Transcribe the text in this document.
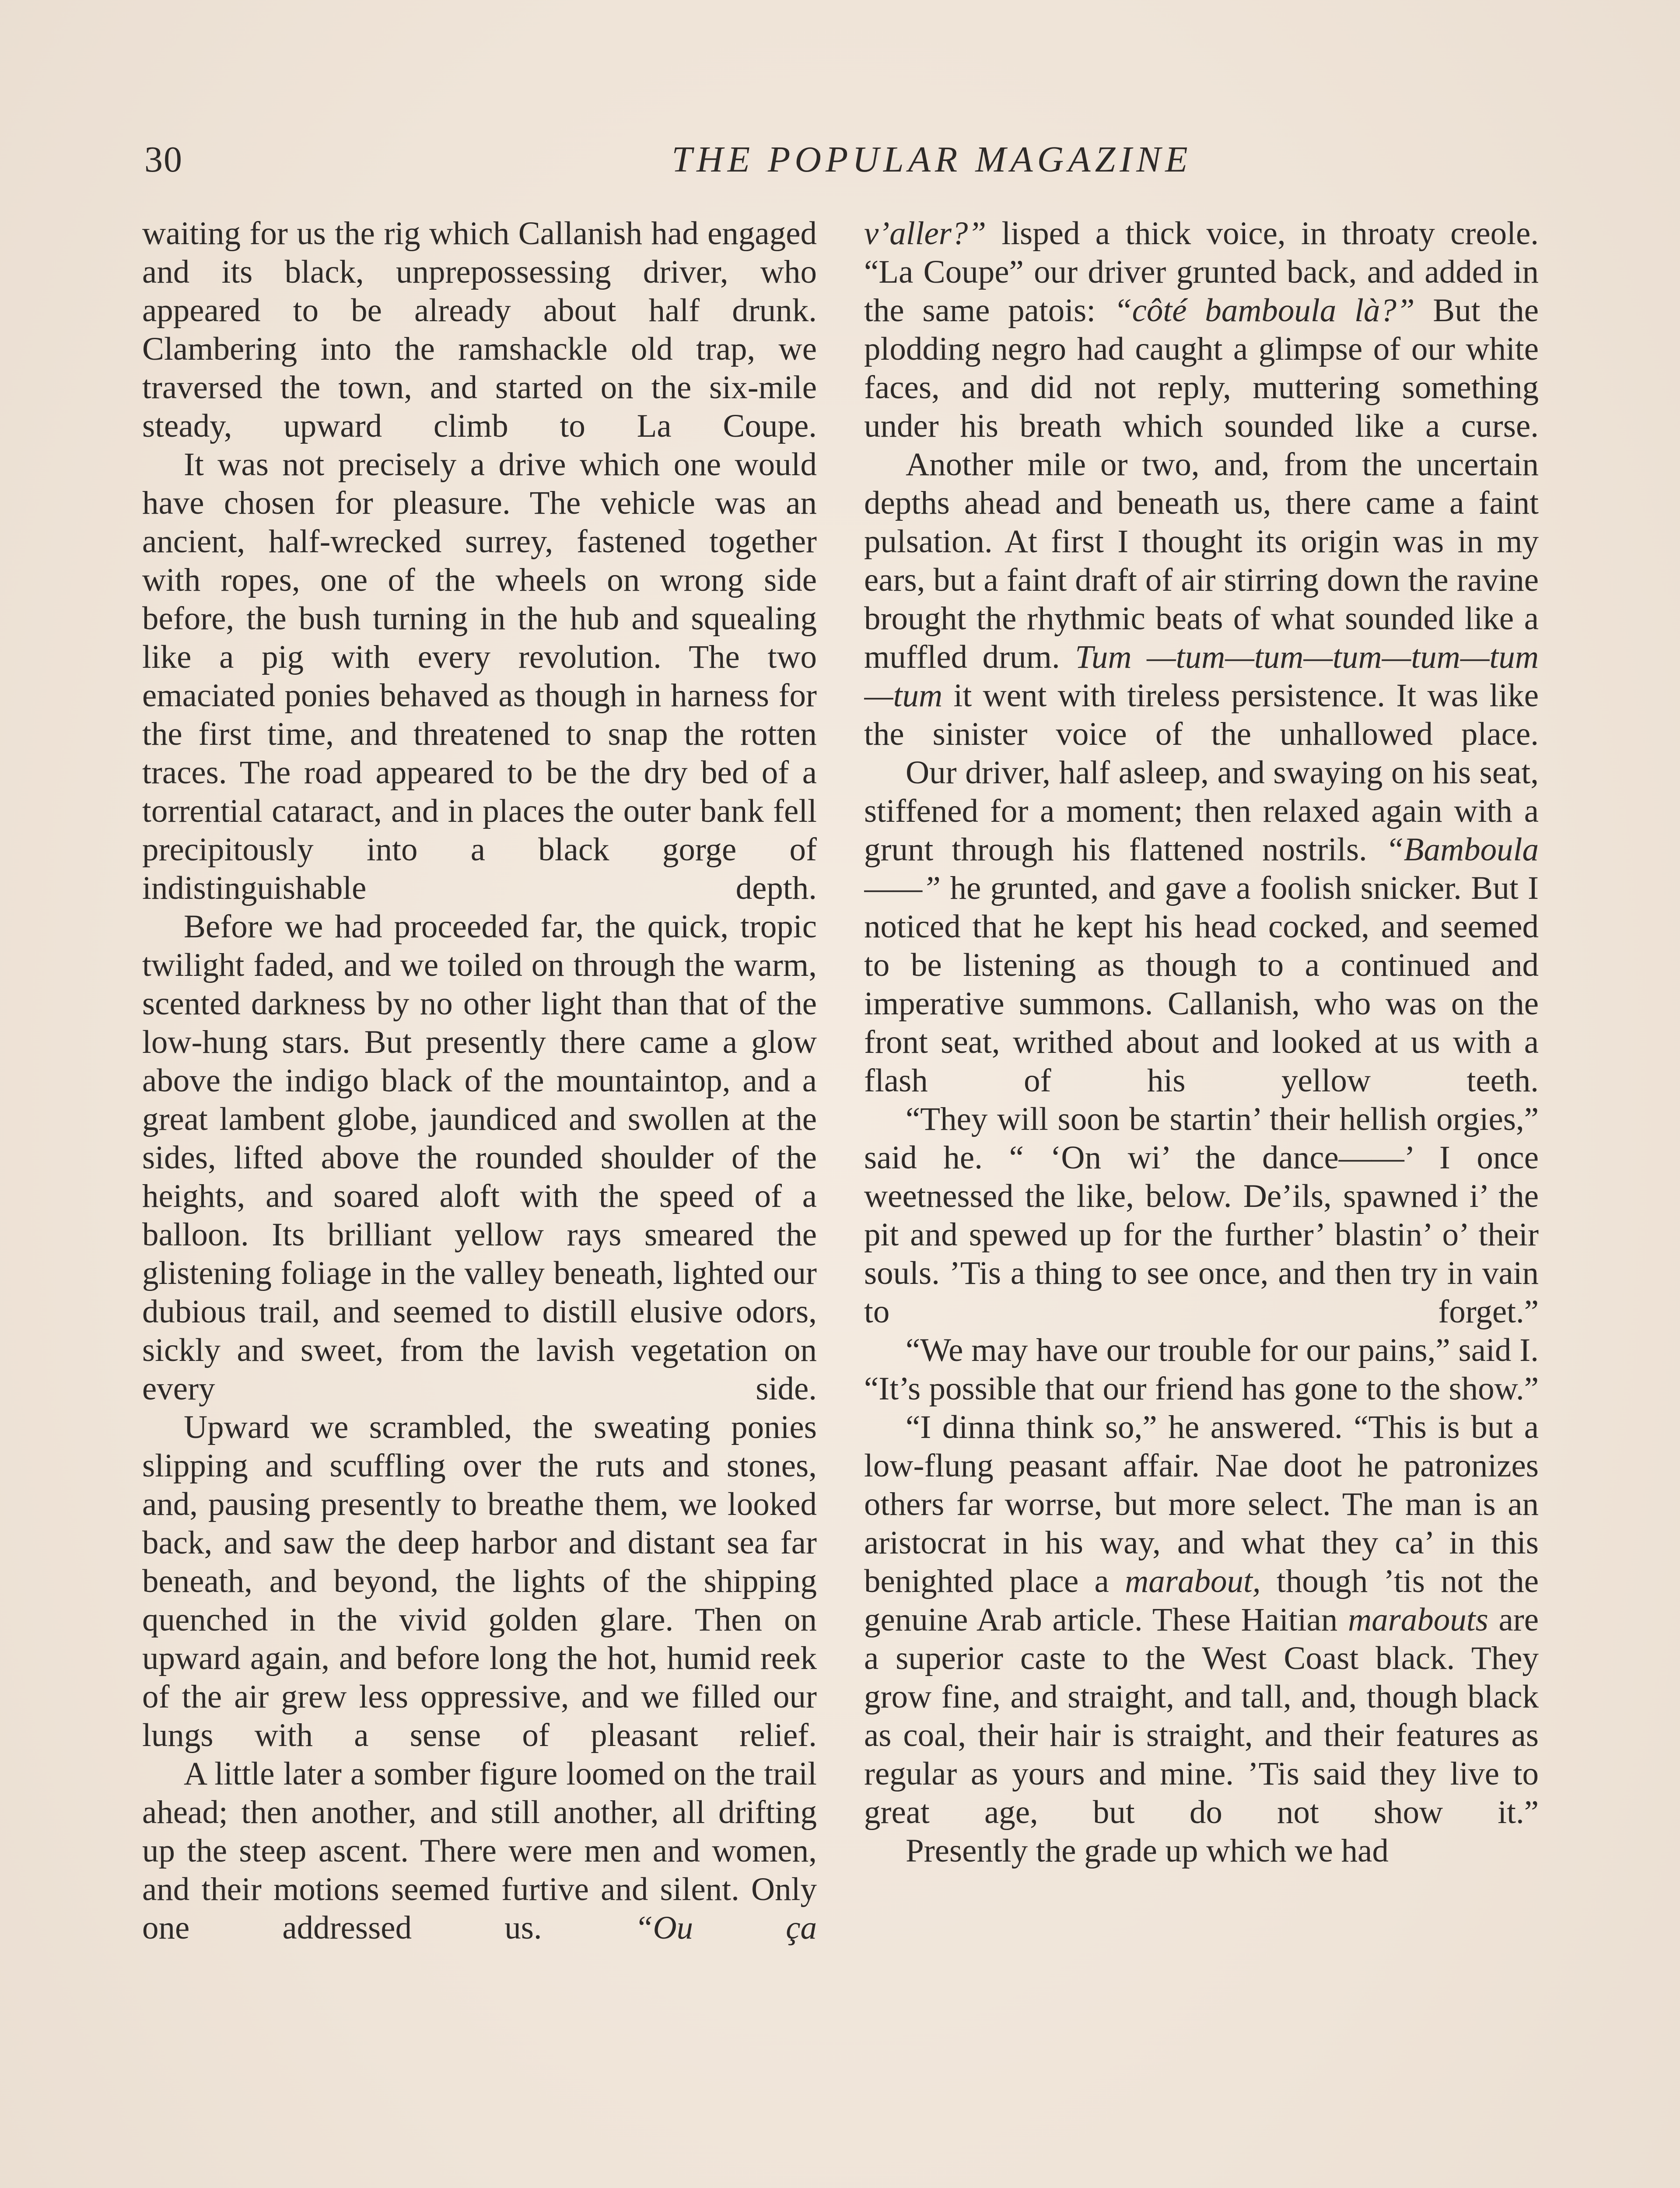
30	THE POPULAR MAGAZINE

waiting for us the rig which Callanish had engaged and its black, unprepossessing driver, who appeared to be already about half drunk. Clambering into the ramshackle old trap, we traversed the town, and started on the six-mile steady, upward climb to La Coupe.

It was not precisely a drive which one would have chosen for pleasure. The vehicle was an ancient, half-wrecked surrey, fastened together with ropes, one of the wheels on wrong side before, the bush turning in the hub and squealing like a pig with every revolution. The two emaciated ponies behaved as though in harness for the first time, and threatened to snap the rotten traces. The road appeared to be the dry bed of a torrential cataract, and in places the outer bank fell precipitously into a black gorge of indistinguishable depth.

Before we had proceeded far, the quick, tropic twilight faded, and we toiled on through the warm, scented darkness by no other light than that of the low-hung stars. But presently there came a glow above the indigo black of the mountaintop, and a great lambent globe, jaundiced and swollen at the sides, lifted above the rounded shoulder of the heights, and soared aloft with the speed of a balloon. Its brilliant yellow rays smeared the glistening foliage in the valley beneath, lighted our dubious trail, and seemed to distill elusive odors, sickly and sweet, from the lavish vegetation on every side.

Upward we scrambled, the sweating ponies slipping and scuffling over the ruts and stones, and, pausing presently to breathe them, we looked back, and saw the deep harbor and distant sea far beneath, and beyond, the lights of the shipping quenched in the vivid golden glare. Then on upward again, and before long the hot, humid reek of the air grew less oppressive, and we filled our lungs with a sense of pleasant relief.

A little later a somber figure loomed on the trail ahead; then another, and still another, all drifting up the steep ascent. There were men and women, and their motions seemed furtive and silent. Only one addressed us.	“Ou ça

v’aller?” lisped a thick voice, in throaty creole. “La Coupe” our driver grunted back, and added in the same patois: “côté bamboula là?” But the plodding negro had caught a glimpse of our white faces, and did not reply, muttering something under his breath which sounded like a curse.

Another mile or two, and, from the uncertain depths ahead and beneath us, there came a faint pulsation. At first I thought its origin was in my ears, but a faint draft of air stirring down the ravine brought the rhythmic beats of what sounded like a muffled drum. Tum —tum—tum—tum—tum—tum—tum it went with tireless persistence. It was like the sinister voice of the unhallowed place.

Our driver, half asleep, and swaying on his seat, stiffened for a moment; then relaxed again with a grunt through his flattened nostrils. “Bamboula——” he grunted, and gave a foolish snicker. But I noticed that he kept his head cocked, and seemed to be listening as though to a continued and imperative summons. Callanish, who was on the front seat, writhed about and looked at us with a flash of his yellow teeth.

“They will soon be startin’ their hellish orgies,” said he. “ ‘On wi’ the dance——’ I once weetnessed the like, below. De’ils, spawned i’ the pit and spewed up for the further’ blastin’ o’ their souls. ’Tis a thing to see once, and then try in vain to forget.”

“We may have our trouble for our pains,” said I. “It’s possible that our friend has gone to the show.”

“I dinna think so,” he answered. “This is but a low-flung peasant affair. Nae doot he patronizes others far worrse, but more select. The man is an aristocrat in his way, and what they ca’ in this benighted place a marabout, though ’tis not the genuine Arab article. These Haitian marabouts are a superior caste to the West Coast black. They grow fine, and straight, and tall, and, though black as coal, their hair is straight, and their features as regular as yours and mine. ’Tis said they live to great age, but do not show it.”

Presently the grade up which we had
